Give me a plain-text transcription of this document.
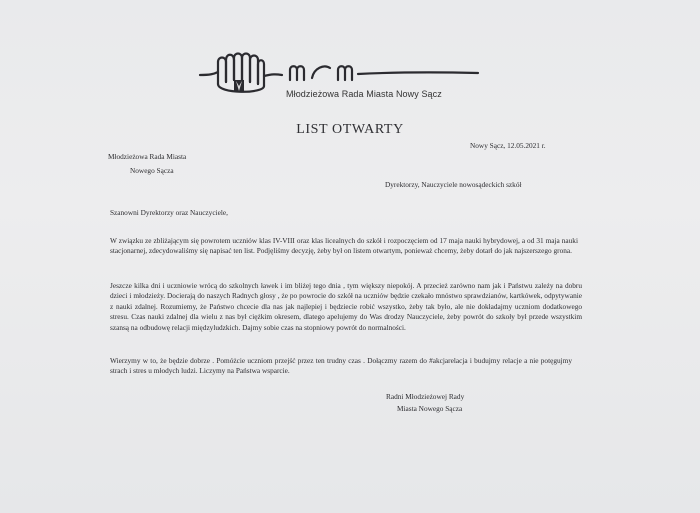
Młodzieżowa Rada Miasta Nowy Sącz
LIST OTWARTY
Nowy Sącz, 12.05.2021 r.
Młodzieżowa Rada Miasta
Nowego Sącza
Dyrektorzy, Nauczyciele nowosądeckich szkół
Szanowni Dyrektorzy oraz Nauczyciele,
W związku ze zbliżającym się powrotem uczniów klas IV-VIII oraz klas licealnych do szkół i rozpoczęciem od 17 maja nauki hybrydowej, a od 31 maja nauki stacjonarnej, zdecydowaliśmy się napisać ten list. Podjęliśmy decyzję, żeby był on listem otwartym, ponieważ chcemy, żeby dotarł do jak najszerszego grona.
Jeszcze kilka dni i uczniowie wrócą do szkolnych ławek i im bliżej tego dnia , tym większy niepokój. A przecież zarówno nam jak i Państwu zależy na dobru dzieci i młodzieży. Docierają do naszych Radnych głosy , że po powrocie do szkół na uczniów będzie czekało mnóstwo sprawdzianów, kartkówek, odpytywanie z nauki zdalnej. Rozumiemy, że Państwo chcecie dla nas jak najlepiej i będziecie robić wszystko, żeby tak było, ale nie dokładajmy uczniom dodatkowego stresu. Czas nauki zdalnej dla wielu z nas był ciężkim okresem, dlatego apelujemy do Was drodzy Nauczyciele, żeby powrót do szkoły był przede wszystkim szansą na odbudowę relacji międzyludzkich. Dajmy sobie czas na stopniowy powrót do normalności.
Wierzymy w to, że będzie dobrze . Pomóżcie uczniom przejść przez ten trudny czas . Dołączmy razem do #akcjarelacja i budujmy relacje a nie potęgujmy strach i stres u młodych ludzi. Liczymy na Państwa wsparcie.
Radni Młodzieżowej Rady
Miasta Nowego Sącza
